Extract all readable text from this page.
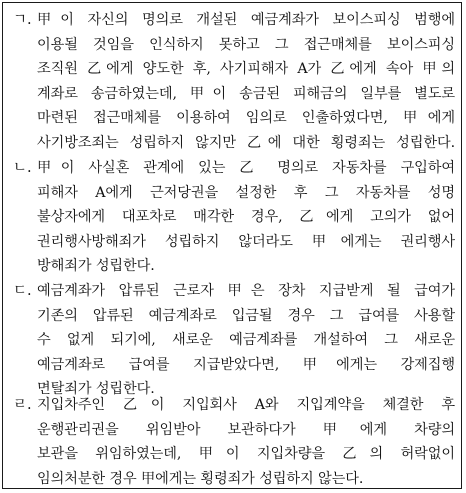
ㄱ. 甲이 자신의 명의로 개설된 예금계좌가 보이스피싱 범행에
이용될 것임을 인식하지 못하고 그 접근매체를 보이스피싱
조직원 乙에게 양도한 후, 사기피해자 A가 乙에게 속아 甲의
계좌로 송금하였는데, 甲이 송금된 피해금의 일부를 별도로
마련된 접근매체를 이용하여 임의로 인출하였다면, 甲에게
사기방조죄는 성립하지 않지만 乙에 대한 횡령죄는 성립한다.
ㄴ. 甲이 사실혼 관계에 있는 乙 명의로 자동차를 구입하여
피해자 A에게 근저당권을 설정한 후 그 자동차를 성명
불상자에게 대포차로 매각한 경우, 乙에게 고의가 없어
권리행사방해죄가 성립하지 않더라도 甲에게는 권리행사
방해죄가 성립한다.
ㄷ. 예금계좌가 압류된 근로자 甲은 장차 지급받게 될 급여가
기존의 압류된 예금계좌로 입금될 경우 그 급여를 사용할
수 없게 되기에, 새로운 예금계좌를 개설하여 그 새로운
예금계좌로 급여를 지급받았다면, 甲에게는 강제집행
면탈죄가 성립한다.
ㄹ. 지입차주인 乙이 지입회사 A와 지입계약을 체결한 후
운행관리권을 위임받아 보관하다가 甲에게 차량의
보관을 위임하였는데, 甲이 지입차량을 乙의 허락없이
임의처분한 경우 甲에게는 횡령죄가 성립하지 않는다.
